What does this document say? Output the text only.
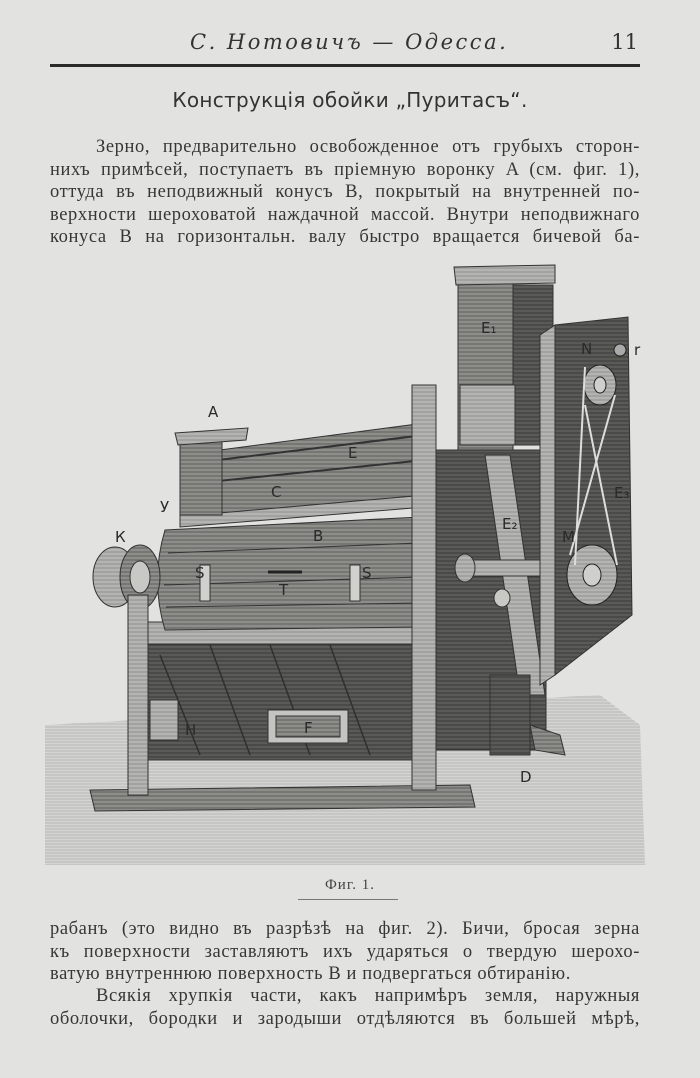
С. Нотовичъ — Одесса.	11
Конструкція обойки „Пуритасъ“.
Зерно, предварительно освобожденное отъ грубыхъ сторон-
нихъ примѣсей, поступаетъ въ пріемную воронку A (см. фиг. 1),
оттуда въ неподвижный конусъ B, покрытый на внутренней по-
верхности шероховатой наждачной массой. Внутри неподвижнаго
конуса B на горизонтальн. валу быстро вращается бичевой ба-
A
E
C
B
У
К
S	S
T
F
H
D
E₁
E₂
E₃
N
M
r
Фиг. 1.
рабанъ (это видно въ разрѣзѣ на фиг. 2). Бичи, бросая зерна
къ поверхности заставляютъ ихъ ударяться о твердую шерохо-
ватую внутреннюю поверхность B и подвергаться обтиранію.
Всякія хрупкія части, какъ напримѣръ земля, наружныя
оболочки, бородки и зародыши отдѣляются въ большей мѣрѣ,
